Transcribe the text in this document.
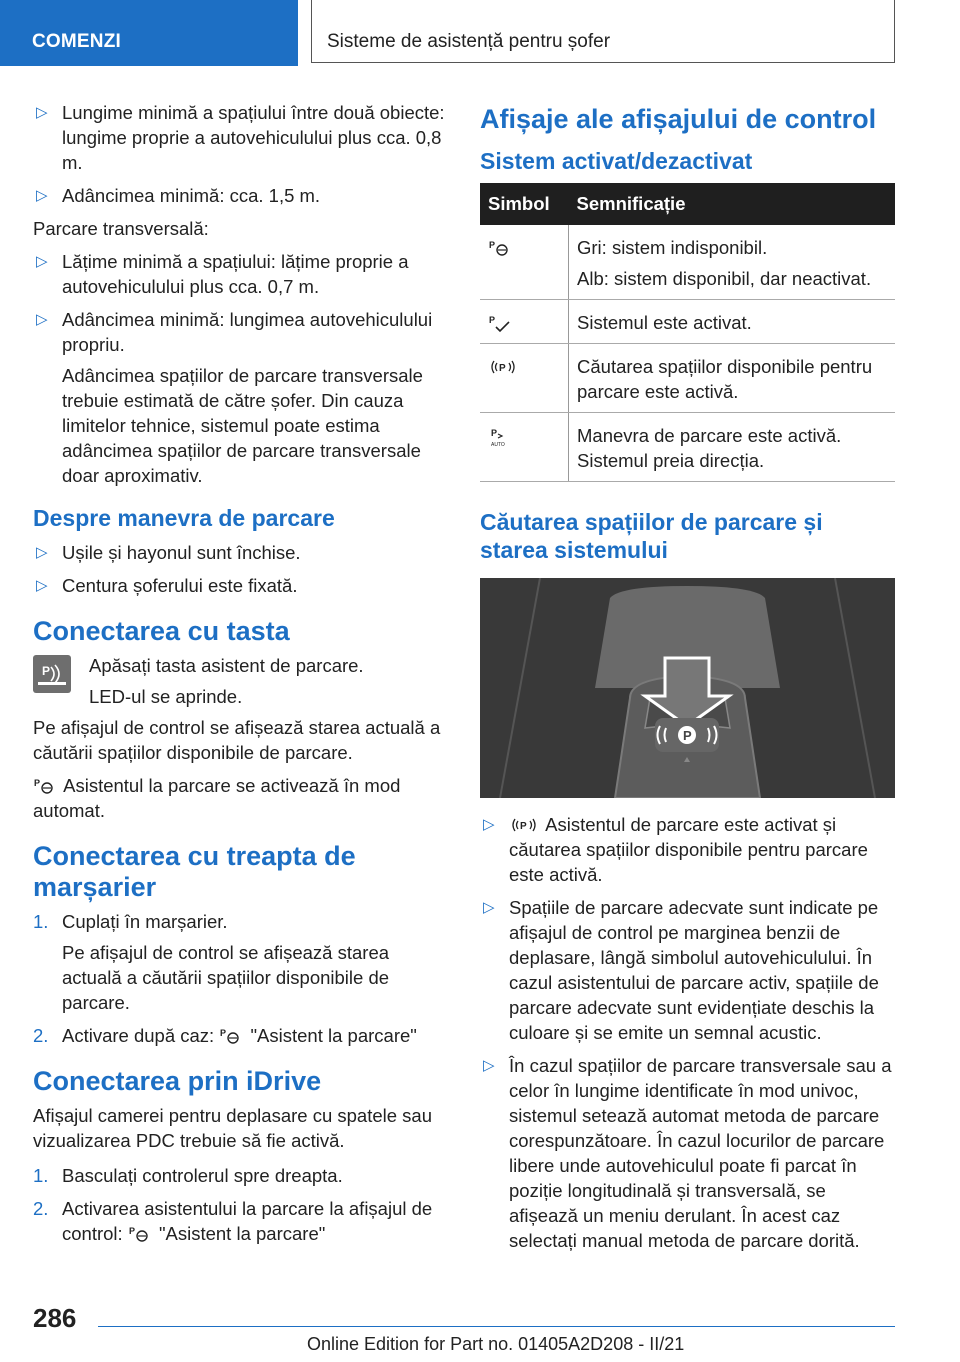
COMENZI	Sisteme de asistență pentru șofer
▷ Lungime minimă a spațiului între două obiecte: lungime proprie a autovehiculului plus cca. 0,8 m.
▷ Adâncimea minimă: cca. 1,5 m.

Parcare transversală:

▷ Lățime minimă a spațiului: lățime proprie a autovehiculului plus cca. 0,7 m.
▷ Adâncimea minimă: lungimea autovehiculului propriu.

Adâncimea spațiilor de parcare transversale trebuie estimată de către șofer. Din cauza limitelor tehnice, sistemul poate estima adâncimea spațiilor de parcare transversale doar aproximativ.

Despre manevra de parcare
▷ Ușile și hayonul sunt închise.
▷ Centura șoferului este fixată.
Conectarea cu tasta
P Apăsați tasta asistent de parcare.

LED-ul se aprinde.

Pe afișajul de control se afișează starea actuală a căutării spațiilor disponibile de parcare.

P Asistentul la parcare se activează în mod automat.

Conectarea cu treapta de marșarier
1. Cuplați în marșarier.

Pe afișajul de control se afișează starea actuală a căutării spațiilor disponibile de parcare.

2. Activare după caz: P "Asistent la parcare"
Conectarea prin iDrive

Afișajul camerei pentru deplasare cu spatele sau vizualizarea PDC trebuie să fie activă.

1. Basculați controlerul spre dreapta.
2. Activarea asistentului la parcare la afișajul de control: P "Asistent la parcare"
Afișaje ale afișajului de control
Sistem activat/dezactivat
Simbol	Semnificație

P	Gri: sistem indisponibil.
Alb: sistem disponibil, dar neactivat.

P	Sistemul este activat.

P	Căutarea spațiilor disponibile pentru parcare este activă.

P
AUTO	Manevra de parcare este activă. Sistemul preia direcția.
Căutarea spațiilor de parcare și starea sistemului
P
▷	P Asistentul de parcare este activat și căutarea spațiilor disponibile pentru parcare este activă.
▷ Spațiile de parcare adecvate sunt indicate pe afișajul de control pe marginea benzii de deplasare, lângă simbolul autovehiculului. În cazul asistentului de parcare activ, spațiile de parcare adecvate sunt evidențiate deschis la culoare și se emite un semnal acustic.
▷ În cazul spațiilor de parcare transversale sau a celor în lungime identificate în mod univoc, sistemul setează automat metoda de parcare corespunzătoare. În cazul locurilor de parcare libere unde autovehiculul poate fi parcat în poziție longitudinală și transversală, se afișează un meniu derulant. În acest caz selectați manual metoda de parcare dorită.
286
Online Edition for Part no. 01405A2D208 - II/21
